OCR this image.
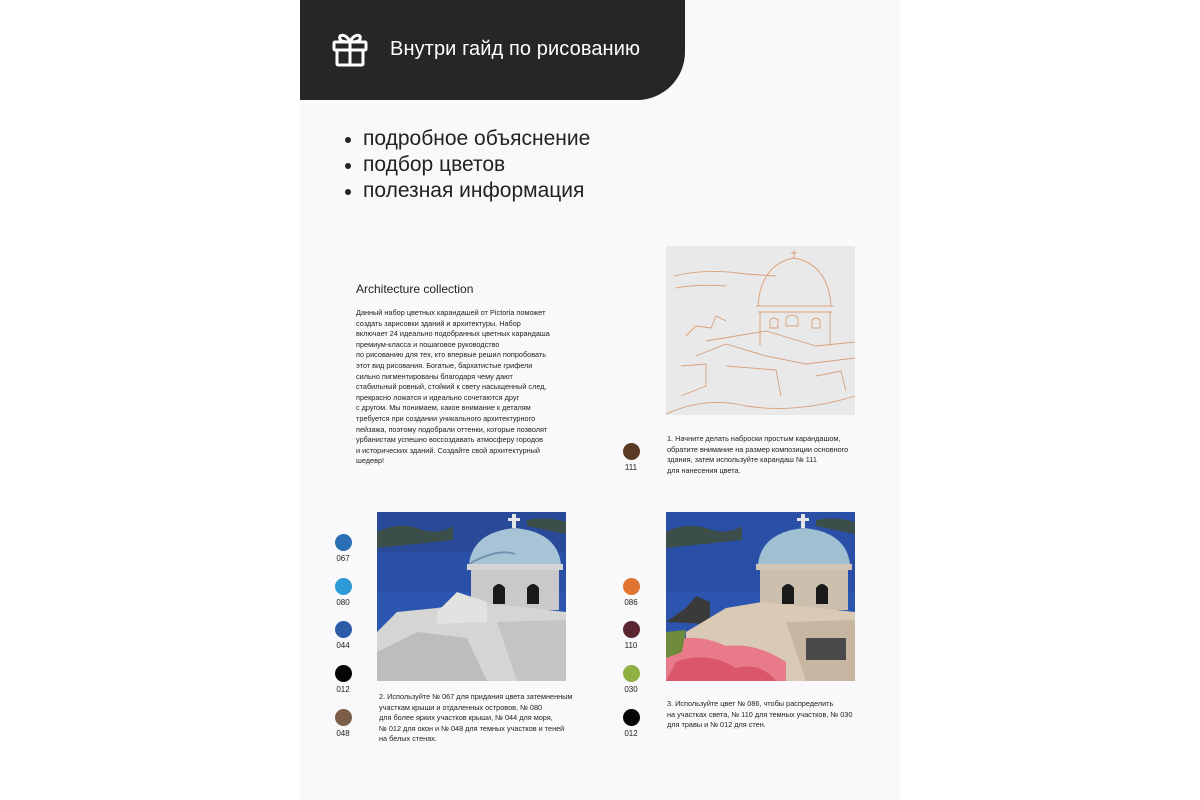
Внутри гайд по рисованию
подробное объяснение
подбор цветов
полезная информация
Architecture collection
Данный набор цветных карандашей от Pictoria поможет
создать зарисовки зданий и архитектуры. Набор
включает 24 идеально подобранных цветных карандаша
премиум-класса и пошаговое руководство
по рисованию для тех, кто впервые решил попробовать
этот вид рисования. Богатые, бархатистые грифели
сильно пигментированы благодаря чему дают
стабильный ровный, стойкий к свету насыщенный след,
прекрасно ложатся и идеально сочетаются друг
с другом. Мы понимаем, какое внимание к деталям
требуется при создании уникального архитектурного
пейзажа, поэтому подобрали оттенки, которые позволят
урбанистам успешно воссоздавать атмосферу городов
и исторических зданий. Создайте свой архитектурный
шедевр!
111
1. Начните делать наброски простым карандашом,
обратите внимание на размер композиции основного
здания, затем используйте карандаш № 111
для нанесения цвета.
067
080
044
012
048
2. Используйте № 067 для придания цвета затемненным
участкам крыши и отдаленных островов, № 080
для более ярких участков крыши, № 044 для моря,
№ 012 для окон и № 048 для темных участков и теней
на белых стенах.
086
110
030
012
3. Используйте цвет № 086, чтобы распределить
на участках света, № 110 для темных участков, № 030
для травы и № 012 для стен.
